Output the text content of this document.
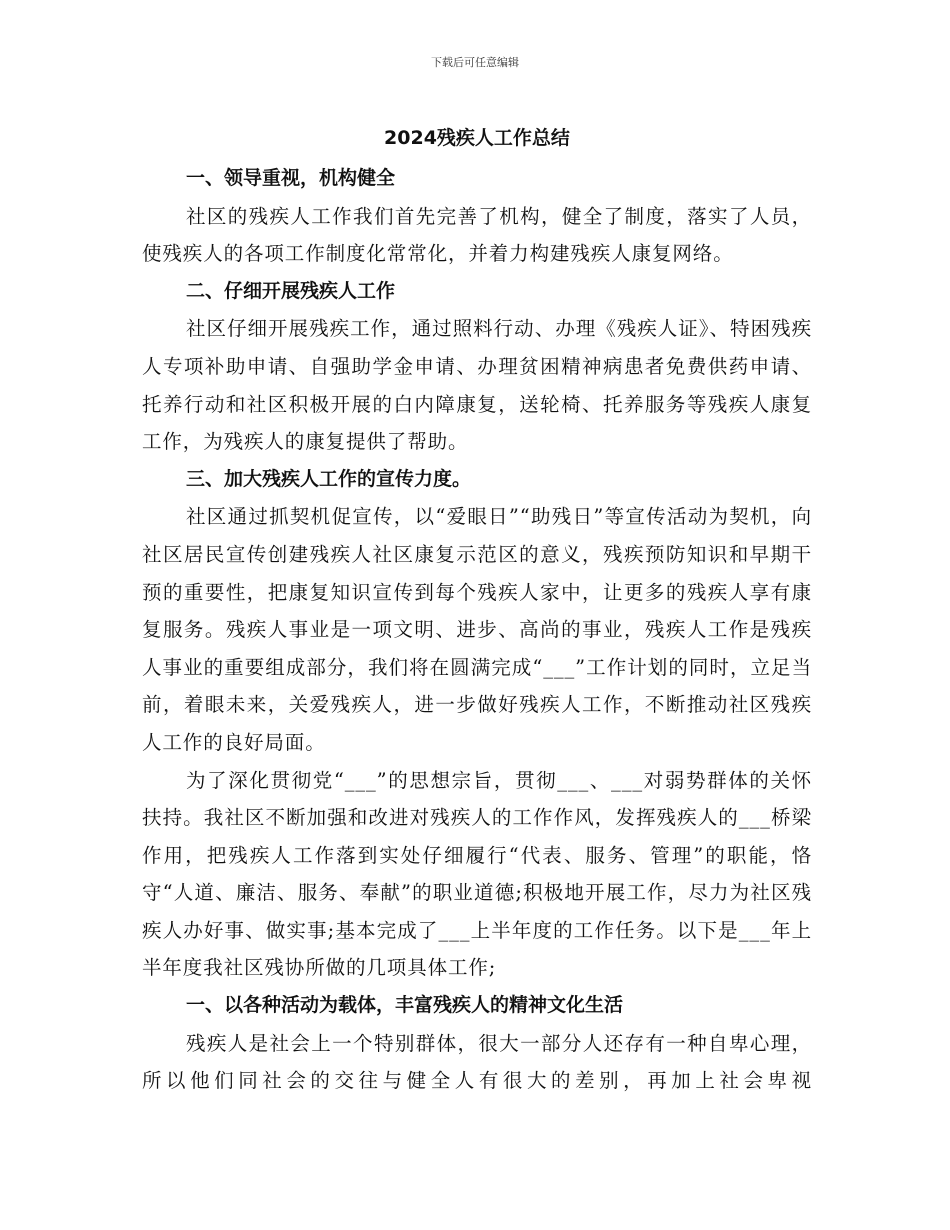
下载后可任意编辑
2024残疾人工作总结

一、领导重视，机构健全

社区的残疾人工作我们首先完善了机构，健全了制度，落实了人员，使残疾人的各项工作制度化常常化，并着力构建残疾人康复网络。

二、仔细开展残疾人工作

社区仔细开展残疾工作，通过照料行动、办理《残疾人证》、特困残疾人专项补助申请、自强助学金申请、办理贫困精神病患者免费供药申请、托养行动和社区积极开展的白内障康复，送轮椅、托养服务等残疾人康复工作，为残疾人的康复提供了帮助。

三、加大残疾人工作的宣传力度。

社区通过抓契机促宣传，以“爱眼日”“助残日”等宣传活动为契机，向社区居民宣传创建残疾人社区康复示范区的意义，残疾预防知识和早期干预的重要性，把康复知识宣传到每个残疾人家中，让更多的残疾人享有康复服务。残疾人事业是一项文明、进步、高尚的事业，残疾人工作是残疾人事业的重要组成部分，我们将在圆满完成“___”工作计划的同时，立足当前，着眼未来，关爱残疾人，进一步做好残疾人工作，不断推动社区残疾人工作的良好局面。

为了深化贯彻党“___”的思想宗旨，贯彻___、___对弱势群体的关怀扶持。我社区不断加强和改进对残疾人的工作作风，发挥残疾人的___桥梁作用，把残疾人工作落到实处仔细履行“代表、服务、管理”的职能，恪守“人道、廉洁、服务、奉献”的职业道德;积极地开展工作，尽力为社区残疾人办好事、做实事;基本完成了___上半年度的工作任务。以下是___年上半年度我社区残协所做的几项具体工作;

一、以各种活动为载体，丰富残疾人的精神文化生活

残疾人是社会上一个特别群体，很大一部分人还存有一种自卑心理，所以他们同社会的交往与健全人有很大的差别，再加上社会卑视
